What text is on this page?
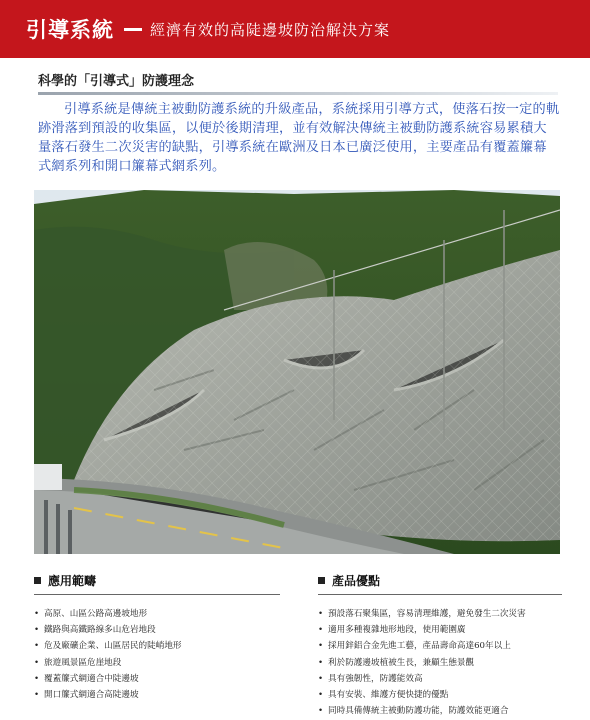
引導系統 經濟有效的高陡邊坡防治解決方案
科學的「引導式」防護理念

引導系統是傳統主被動防護系統的升級產品，系統採用引導方式，使落石按一定的軌跡滑落到預設的收集區，以便於後期清理，並有效解決傳統主被動防護系統容易累積大量落石發生二次災害的缺點，引導系統在歐洲及日本已廣泛使用，主要產品有覆蓋簾幕式網系列和開口簾幕式網系列。

應用範疇
• 高原、山區公路高邊坡地形
• 鐵路與高鐵路線多山危岩地段
• 危及廠礦企業、山區居民的陡峭地形
• 旅遊風景區危崖地段
• 覆蓋簾式網適合中陡邊坡
• 開口簾式網適合高陡邊坡
產品優點
• 預設落石聚集區，容易清理維護，避免發生二次災害
• 適用多種複雜地形地段，使用範圍廣
• 採用鋅鋁合金先進工藝，產品壽命高達60年以上
• 利於防護邊坡植被生長，兼顧生態景觀
• 具有強韌性，防護能效高
• 具有安裝、維護方便快捷的優點
• 同時具備傳統主被動防護功能，防護效能更適合
